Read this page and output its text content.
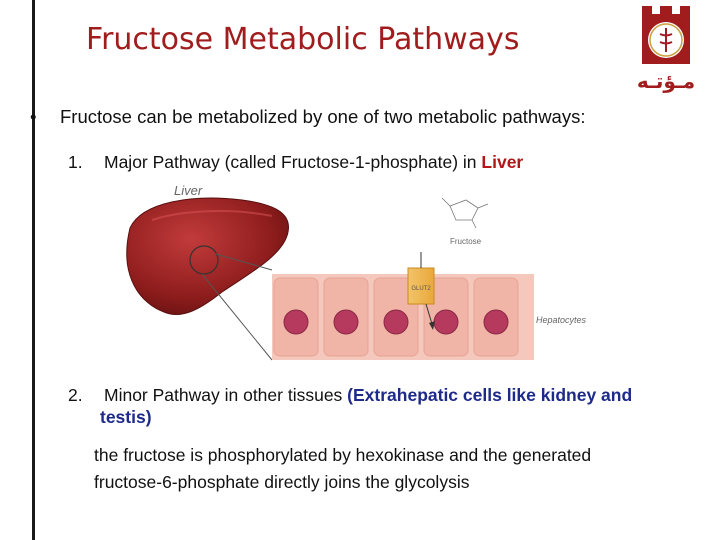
Fructose Metabolic Pathways
مـؤتـه
• Fructose can be metabolized by one of two metabolic pathways:
1. Major Pathway (called Fructose-1-phosphate) in Liver
GLUT2
Fructose
Liver
Hepatocytes
2. Minor Pathway in other tissues (Extrahepatic cells like kidney and
testis)
the fructose is phosphorylated by hexokinase and the generated
fructose-6-phosphate directly joins the glycolysis
